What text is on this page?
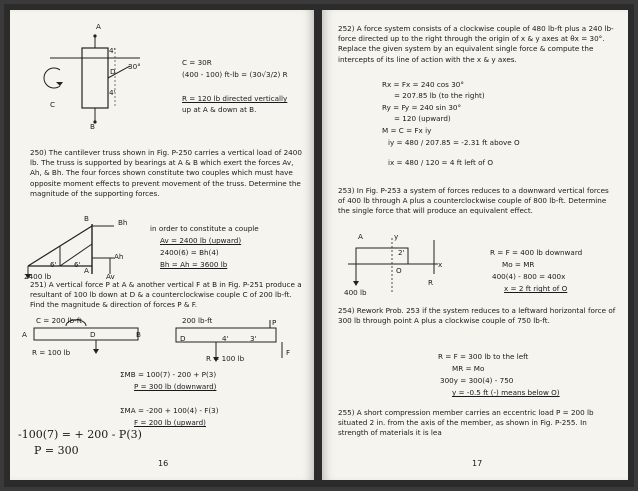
A
C
D
B
4'
4'
30°	C = 30R
(400 - 100) ft-lb = (30√3/2) R
R = 120 lb directed vertically
up at A & down at B.
250) The cantilever truss shown in Fig. P-250 carries a vertical load of 2400 lb. The truss is supported by bearings at A & B which exert the forces Av, Ah, & Bh. The four forces shown constitute two couples which must have opposite moment effects to prevent movement of the truss. Determine the magnitude of the supporting forces.
Bh
Ah
Av
2400 lb
6' 6'
B
A
in order to constitute a couple
Av = 2400 lb (upward)
2400(6) = Bh(4)
Bh = Ah = 3600 lb
251) A vertical force P at A & another vertical F at B in Fig. P-251 produce a resultant of 100 lb down at D & a counterclockwise couple C of 200 lb-ft. Find the magnitude & direction of forces P & F.
C = 200 lb-ft
A	B
D
R = 100 lb
200 lb-ft
D	4'	3'
P
F
R = 100 lb
ΣMB = 100(7) - 200 + P(3)
P = 300 lb (downward)
ΣMA = -200 + 100(4) - F(3)
F = 200 lb (upward)
-100(7) = + 200 - P(3)
P = 300
16
252) A force system consists of a clockwise couple of 480 lb-ft plus a 240 lb-force directed up to the right through the origin of x & y axes at θx = 30°. Replace the given system by an equivalent single force & compute the intercepts of its line of action with the x & y axes.
Rx = Fx = 240 cos 30°
= 207.85 lb (to the right)
Ry = Fy = 240 sin 30°
= 120 (upward)
M = C = Fx iy
iy = 480 / 207.85 = -2.31 ft above O
ix = 480 / 120 = 4 ft left of O
253) In Fig. P-253 a system of forces reduces to a downward vertical forces of 400 lb through A plus a counterclockwise couple of 800 lb-ft. Determine the single force that will produce an equivalent effect.
A
O
x
y
2'
400 lb
R
R = F = 400 lb downward
Mo = MR
400(4) - 800 = 400x
x = 2 ft right of O
254) Rework Prob. 253 if the system reduces to a leftward horizontal force of 300 lb through point A plus a clockwise couple of 750 lb-ft.
R = F = 300 lb to the left
MR = Mo
300y = 300(4) - 750
y = -0.5 ft (-) means below O)
255) A short compression member carries an eccentric load P = 200 lb situated 2 in. from the axis of the member, as shown in Fig. P-255. In strength of materials it is lea
17
